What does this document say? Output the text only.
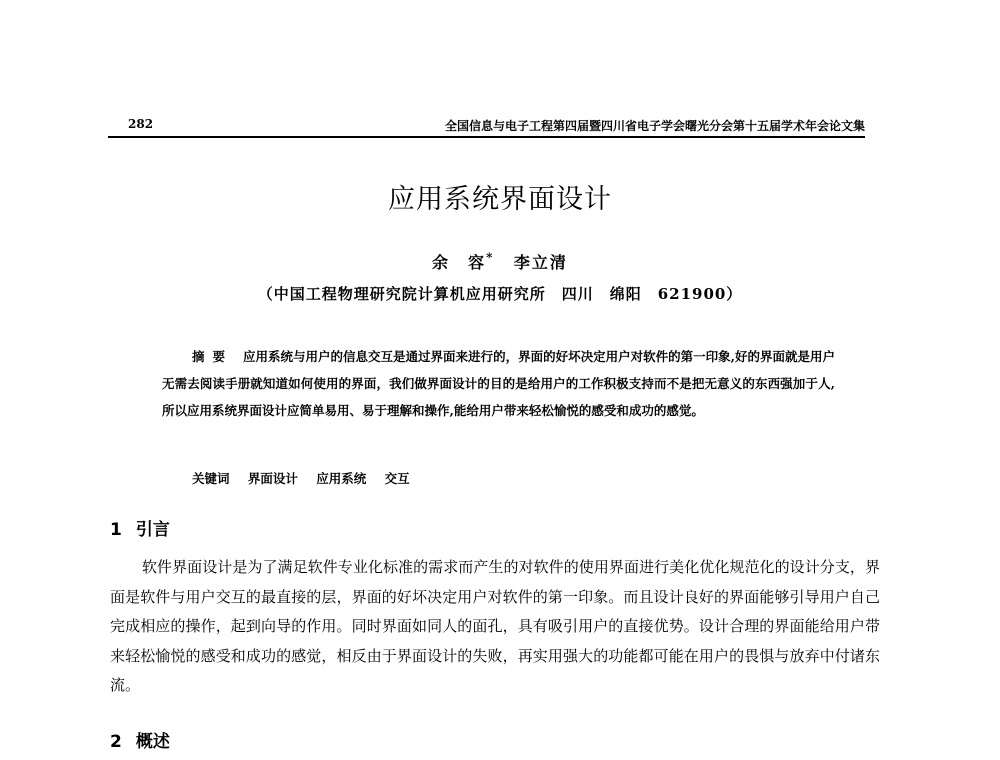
282	全国信息与电子工程第四届暨四川省电子学会曙光分会第十五届学术年会论文集
应用系统界面设计
余　容* 李立清
（中国工程物理研究院计算机应用研究所　四川　绵阳　621900）
摘要 应用系统与用户的信息交互是通过界面来进行的，界面的好坏决定用户对软件的第一印象,好的界面就是用户无需去阅读手册就知道如何使用的界面，我们做界面设计的目的是给用户的工作积极支持而不是把无意义的东西强加于人,所以应用系统界面设计应简单易用、易于理解和操作,能给用户带来轻松愉悦的感受和成功的感觉。
关键词 界面设计 应用系统 交互
1 引言
软件界面设计是为了满足软件专业化标准的需求而产生的对软件的使用界面进行美化优化规范化的设计分支，界面是软件与用户交互的最直接的层，界面的好坏决定用户对软件的第一印象。而且设计良好的界面能够引导用户自己完成相应的操作，起到向导的作用。同时界面如同人的面孔，具有吸引用户的直接优势。设计合理的界面能给用户带来轻松愉悦的感受和成功的感觉，相反由于界面设计的失败，再实用强大的功能都可能在用户的畏惧与放弃中付诸东流。
2 概述
